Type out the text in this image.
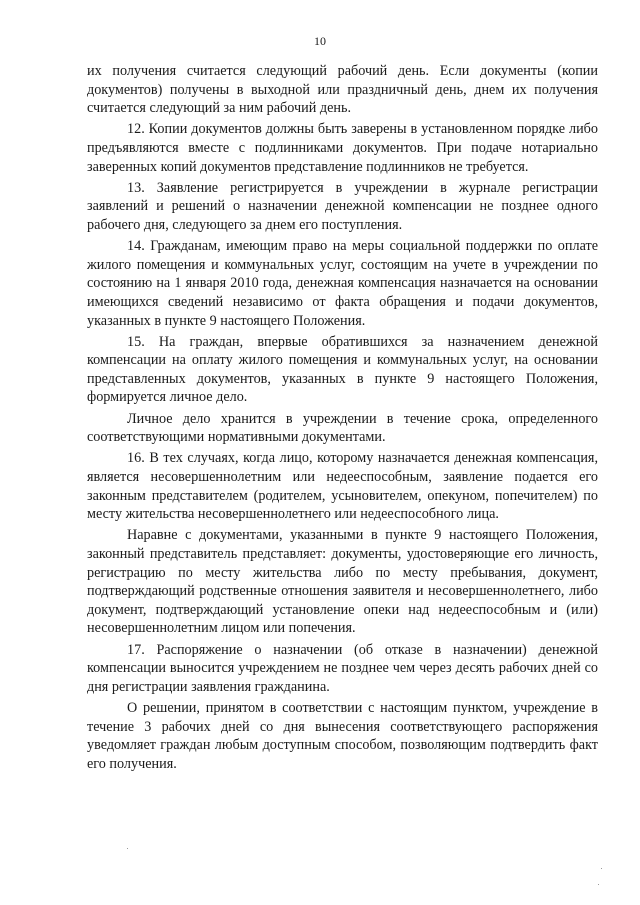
10

их получения считается следующий рабочий день. Если документы (копии документов) получены в выходной или праздничный день, днем их получения считается следующий за ним рабочий день.

12. Копии документов должны быть заверены в установленном порядке либо предъявляются вместе с подлинниками документов. При подаче нотариально заверенных копий документов представление подлинников не требуется.

13. Заявление регистрируется в учреждении в журнале регистрации заявлений и решений о назначении денежной компенсации не позднее одного рабочего дня, следующего за днем его поступления.

14. Гражданам, имеющим право на меры социальной поддержки по оплате жилого помещения и коммунальных услуг, состоящим на учете в учреждении по состоянию на 1 января 2010 года, денежная компенсация назначается на основании имеющихся сведений независимо от факта обращения и подачи документов, указанных в пункте 9 настоящего Положения.

15. На граждан, впервые обратившихся за назначением денежной компенсации на оплату жилого помещения и коммунальных услуг, на основании представленных документов, указанных в пункте 9 настоящего Положения, формируется личное дело.

Личное дело хранится в учреждении в течение срока, определенного соответствующими нормативными документами.

16. В тех случаях, когда лицо, которому назначается денежная компенсация, является несовершеннолетним или недееспособным, заявление подается его законным представителем (родителем, усыновителем, опекуном, попечителем) по месту жительства несовершеннолетнего или недееспособного лица.

Наравне с документами, указанными в пункте 9 настоящего Положения, законный представитель представляет: документы, удостоверяющие его личность, регистрацию по месту жительства либо по месту пребывания, документ, подтверждающий родственные отношения заявителя и несовершеннолетнего, либо документ, подтверждающий установление опеки над недееспособным и (или) несовершеннолетним лицом или попечения.

17. Распоряжение о назначении (об отказе в назначении) денежной компенсации выносится учреждением не позднее чем через десять рабочих дней со дня регистрации заявления гражданина.

О решении, принятом в соответствии с настоящим пунктом, учреждение в течение 3 рабочих дней со дня вынесения соответствующего распоряжения уведомляет граждан любым доступным способом, позволяющим подтвердить факт его получения.
